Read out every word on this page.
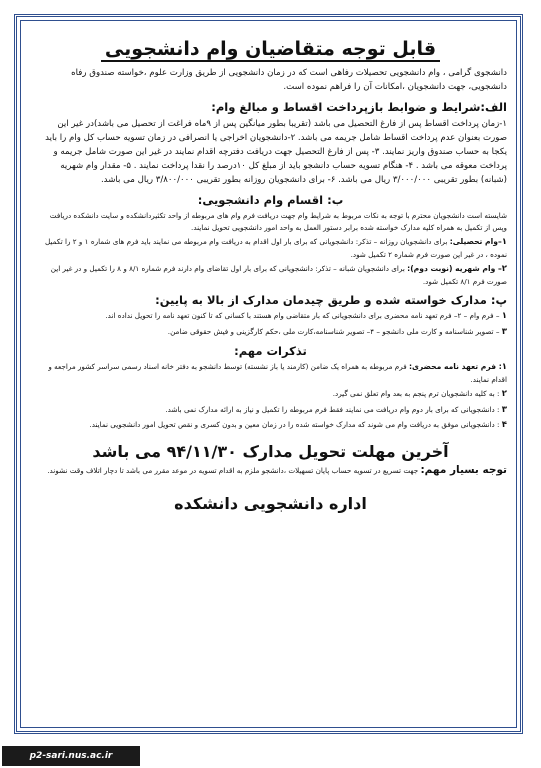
قابل توجه متقاضیان وام دانشجویی

دانشجوی گرامی ، وام دانشجویی تحصیلات رفاهی است که در زمان دانشجویی از طریق وزارت علوم ،خواسته صندوق رفاه دانشجویی، جهت دانشجویان ،امکانات آن را فراهم نموده است.

الف:شرایط و ضوابط بازپرداخت اقساط و مبالغ وام:

۱-زمان پرداخت اقساط پس از فارغ التحصیل می باشد (تقریبا بطور میانگین پس از ۹ماه فراغت از تحصیل می باشد)در غیر این صورت بعنوان عدم پرداخت اقساط شامل جریمه می باشد. ۲-دانشجویان اخراجی یا انصرافی در زمان تسویه حساب کل وام را باید یکجا به حساب صندوق واریز نمایند. ۳- پس از فارغ التحصیل جهت دریافت دفترچه اقدام نمایند در غیر این صورت شامل جریمه و پرداخت معوقه می باشد . ۴- هنگام تسویه حساب دانشجو باید از مبلغ کل ۱۰درصد را نقدا پرداخت نمایند . ۵- مقدار وام شهریه (شبانه) بطور تقریبی ۳/۰۰۰/۰۰۰ ریال می باشد. ۶- برای دانشجویان روزانه بطور تقریبی ۳/۸۰۰/۰۰۰ ریال می باشد.

ب: اقسام وام دانشجویی:

شایسته است دانشجویان محترم با توجه به نکات مربوط به شرایط وام جهت دریافت فرم وام های مربوطه از واحد تکثیردانشکده و سایت دانشکده دریافت وپس از تکمیل به همراه کلیه مدارک خواسته شده برابر دستور العمل به واحد امور دانشجویی تحویل نمایند.

۱–وام تحصیلی: برای دانشجویان روزانه – تذکر: دانشجویانی که برای بار اول اقدام به دریافت وام مربوطه می نمایند باید فرم های شماره ۱ و ۲ را تکمیل نموده ، در غیر این صورت فرم شماره ۲ تکمیل شود.

۲– وام شهریه (نوبت دوم): برای دانشجویان شبانه – تذکر: دانشجویانی که برای بار اول تقاضای وام دارند فرم شماره ۸/۱ و ۸ را تکمیل و در غیر این صورت فرم ۸/۱ تکمیل شود.

پ: مدارک خواسته شده و طریق چیدمان مدارک از بالا به پایین:

۱ – فرم وام – ۲– فرم تعهد نامه محضری برای دانشجویانی که بار متقاضی وام هستند با کسانی که تا کنون تعهد نامه را تحویل نداده اند.

۳ – تصویر شناسنامه و کارت ملی دانشجو – ۴– تصویر شناسنامه،کارت ملی ،حکم کارگزینی و فیش حقوقی ضامن.

تذکرات مهم:

۱: فرم تعهد نامه محضری: فرم مربوطه به همراه یک ضامن (کارمند یا باز نشسته) توسط دانشجو به دفتر خانه اسناد رسمی سراسر کشور مراجعه و اقدام نمایند.

۲ : به کلیه دانشجویان ترم پنجم به بعد وام تعلق نمی گیرد.

۳ : دانشجویانی که برای بار دوم وام دریافت می نمایند فقط فرم مربوطه را تکمیل و نیاز به ارائه مدارک نمی باشد.

۴ : دانشجویانی موفق به دریافت وام می شوند که مدارک خواسته شده را در زمان معین و بدون کسری و نقص تحویل امور دانشجویی نمایند.

آخرین مهلت تحویل مدارک ۹۴/۱۱/۳۰ می باشد

توجه بسیار مهم: جهت تسریع در تسویه حساب پایان تسهیلات ،دانشجو ملزم به اقدام تسویه در موعد مقرر می باشد تا دچار اتلاف وقت نشوند.

اداره دانشجویی دانشکده

p2-sari.nus.ac.ir
